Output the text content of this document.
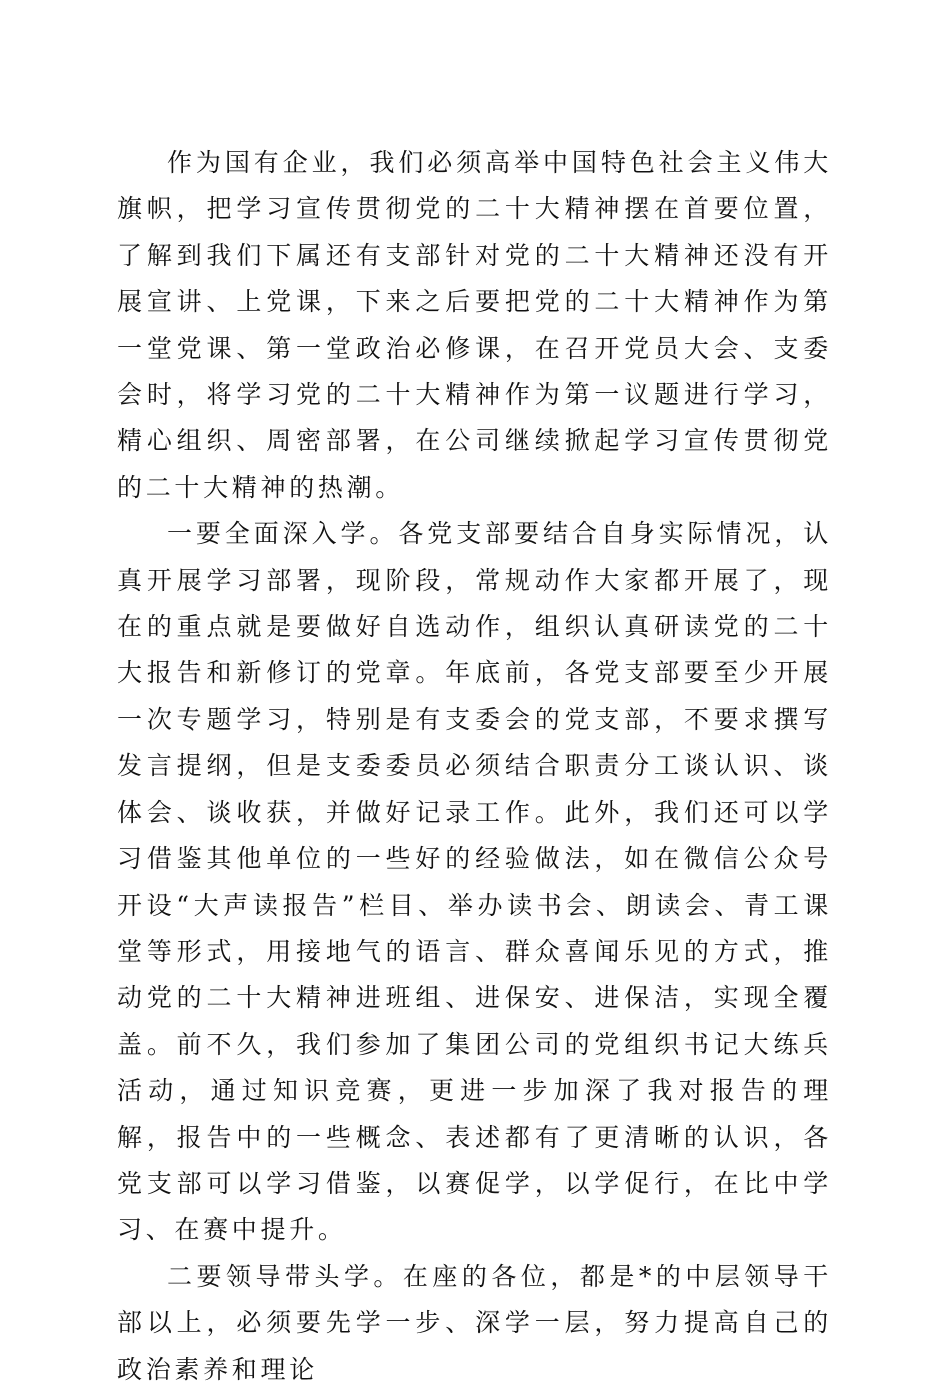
作为国有企业，我们必须高举中国特色社会主义伟大旗帜，把学习宣传贯彻党的二十大精神摆在首要位置，了解到我们下属还有支部针对党的二十大精神还没有开展宣讲、上党课，下来之后要把党的二十大精神作为第一堂党课、第一堂政治必修课，在召开党员大会、支委会时，将学习党的二十大精神作为第一议题进行学习，精心组织、周密部署，在公司继续掀起学习宣传贯彻党的二十大精神的热潮。

一要全面深入学。各党支部要结合自身实际情况，认真开展学习部署，现阶段，常规动作大家都开展了，现在的重点就是要做好自选动作，组织认真研读党的二十大报告和新修订的党章。年底前，各党支部要至少开展一次专题学习，特别是有支委会的党支部，不要求撰写发言提纲，但是支委委员必须结合职责分工谈认识、谈体会、谈收获，并做好记录工作。此外，我们还可以学习借鉴其他单位的一些好的经验做法，如在微信公众号开设“大声读报告”栏目、举办读书会、朗读会、青工课堂等形式，用接地气的语言、群众喜闻乐见的方式，推动党的二十大精神进班组、进保安、进保洁，实现全覆盖。前不久，我们参加了集团公司的党组织书记大练兵活动，通过知识竞赛，更进一步加深了我对报告的理解，报告中的一些概念、表述都有了更清晰的认识，各党支部可以学习借鉴，以赛促学，以学促行，在比中学习、在赛中提升。

二要领导带头学。在座的各位，都是*的中层领导干部以上，必须要先学一步、深学一层，努力提高自己的政治素养和理论
